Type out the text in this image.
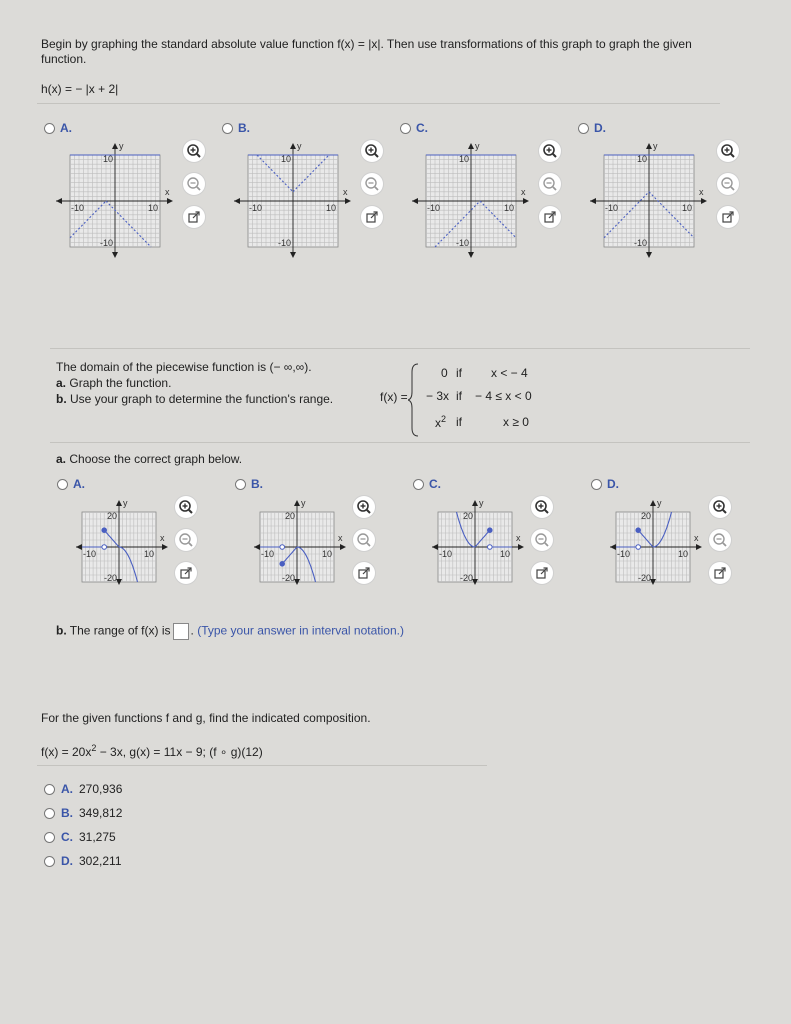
Begin by graphing the standard absolute value function f(x) = |x|. Then use transformations of this graph to graph the given
function.
h(x) = − |x + 2|
A.
y
x
10
-10
10
-10
B.
y
x
10
-10
10
-10
C.
y
x
10
-10
10
-10
D.
y
x
10
-10
10
-10
The domain of the piecewise function is (− ∞,∞).
a. Graph the function.
b. Use your graph to determine the function's range.	f(x) =
0 if x < − 4
− 3x if − 4 ≤ x < 0
$x^2$ if	x ≥ 0
a. Choose the correct graph below.
A.
y
x
20
-20
10
-10
B.
y
x
20
-20
10
-10
C.
y
x
20
-20
10
-10
D.
y
x
20
-20
10
-10
b. The range of f(x) is . (Type your answer in interval notation.)
For the given functions f and g, find the indicated composition.
$f(x) = 20x^2 - 3x$, g(x) = 11x − 9; (f ∘ g)(12)
A. 270,936
B. 349,812
C. 31,275
D. 302,211
